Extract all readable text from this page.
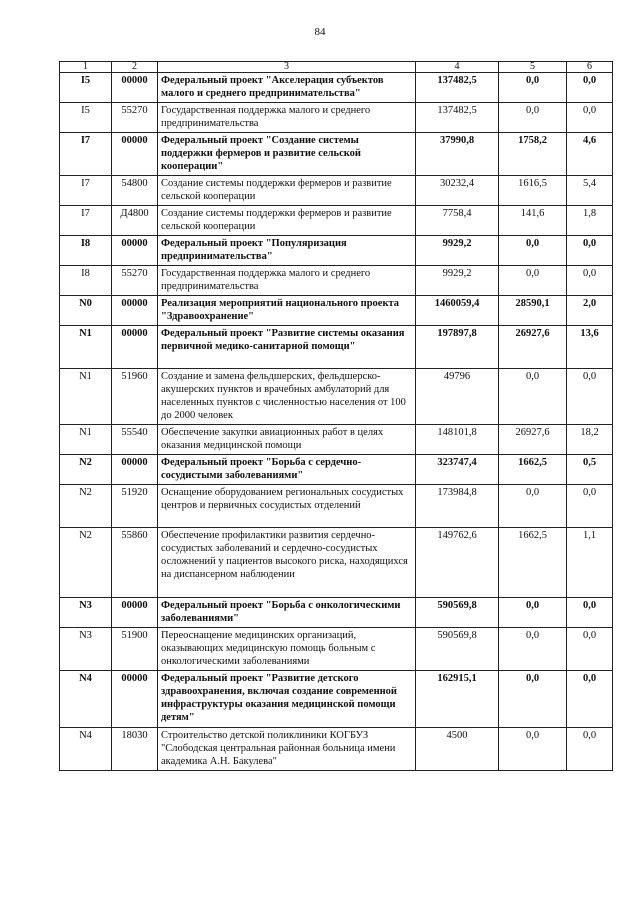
84
1	2	3	4	5	6
I5	00000	Федеральный проект "Акселерация субъектов малого и среднего предпринимательства"	137482,5	0,0	0,0
I5	55270	Государственная поддержка малого и среднего предпринимательства	137482,5	0,0	0,0
I7	00000	Федеральный проект "Создание системы поддержки фермеров и развитие сельской кооперации"	37990,8	1758,2	4,6
I7	54800	Создание системы поддержки фермеров и развитие сельской кооперации	30232,4	1616,5	5,4
I7	Д4800	Создание системы поддержки фермеров и развитие сельской кооперации	7758,4	141,6	1,8
I8	00000	Федеральный проект "Популяризация предпринимательства"	9929,2	0,0	0,0
I8	55270	Государственная поддержка малого и среднего предпринимательства	9929,2	0,0	0,0
N0	00000	Реализация мероприятий национального проекта "Здравоохранение"	1460059,4	28590,1	2,0
N1	00000	Федеральный проект "Развитие системы оказания первичной медико-санитарной помощи"	197897,8	26927,6	13,6
N1	51960	Создание и замена фельдшерских, фельдшерско-акушерских пунктов и врачебных амбулаторий для населенных пунктов с численностью населения от 100 до 2000 человек	49796	0,0	0,0
N1	55540	Обеспечение закупки авиационных работ в целях оказания медицинской помощи	148101,8	26927,6	18,2
N2	00000	Федеральный проект "Борьба с сердечно-сосудистыми заболеваниями"	323747,4	1662,5	0,5
N2	51920	Оснащение оборудованием региональных сосудистых центров и первичных сосудистых отделений	173984,8	0,0	0,0
N2	55860	Обеспечение профилактики развития сердечно-сосудистых заболеваний и сердечно-сосудистых осложнений у пациентов высокого риска, находящихся на диспансерном наблюдении	149762,6	1662,5	1,1
N3	00000	Федеральный проект "Борьба с онкологическими заболеваниями"	590569,8	0,0	0,0
N3	51900	Переоснащение медицинских организаций, оказывающих медицинскую помощь больным с онкологическими заболеваниями	590569,8	0,0	0,0
N4	00000	Федеральный проект "Развитие детского здравоохранения, включая создание современной инфраструктуры оказания медицинской помощи детям"	162915,1	0,0	0,0
N4	18030	Строительство детской поликлиники КОГБУЗ "Слободская центральная районная больница имени академика А.Н. Бакулева"	4500	0,0	0,0
